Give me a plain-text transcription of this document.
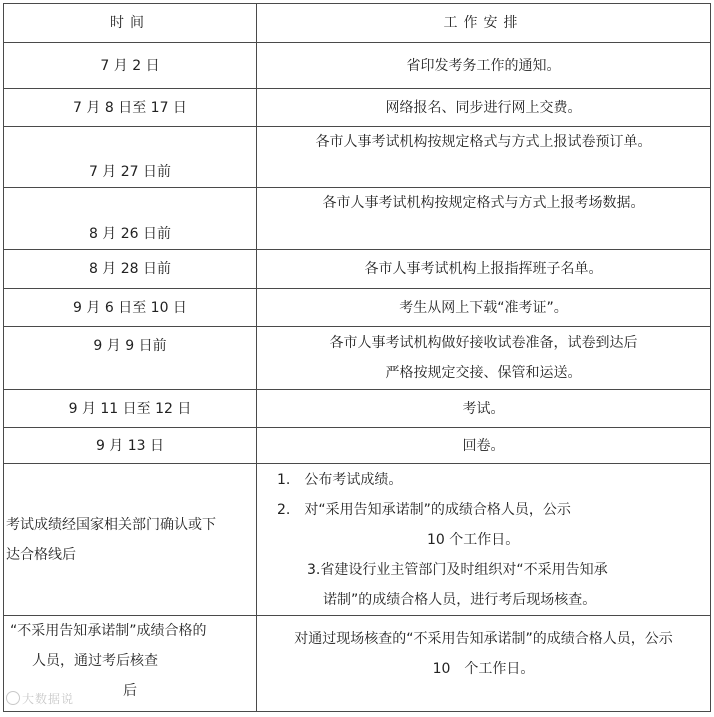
时间	工作安排
7 月 2 日	省印发考务工作的通知。
7 月 8 日至 17 日	网络报名、同步进行网上交费。
7 月 27 日前	各市人事考试机构按规定格式与方式上报试卷预订单。
8 月 26 日前	各市人事考试机构按规定格式与方式上报考场数据。
8 月 28 日前	各市人事考试机构上报指挥班子名单。
9 月 6 日至 10 日	考生从网上下载“准考证”。
9 月 9 日前	各市人事考试机构做好接收试卷准备，试卷到达后
严格按规定交接、保管和运送。

9 月 11 日至 12 日	考试。
9 月 13 日	回卷。

考试成绩经国家相关部门确认或下
达合格线后	1.　公布考试成绩。
2.　对“采用告知承诺制”的成绩合格人员，公示
10 个工作日。
3.省建设行业主管部门及时组织对“不采用告知承
诺制”的成绩合格人员，进行考后现场核查。

“不采用告知承诺制”成绩合格的
人员，通过考后核查
后	对通过现场核查的“不采用告知承诺制”的成绩合格人员，公示
10　个工作日。
大数据说
